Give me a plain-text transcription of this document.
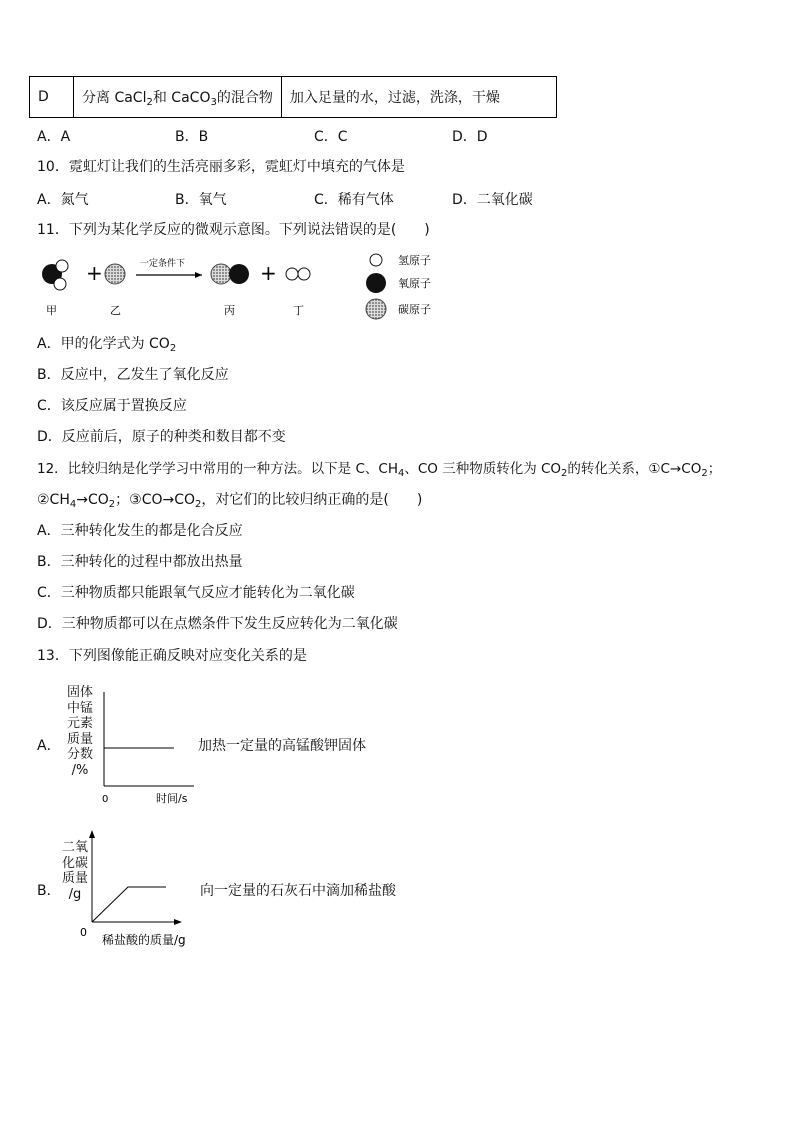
D	分离 CaCl$_2$和 CaCO$_3$的混合物	加入足量的水，过滤，洗涤，干燥
A．A	B．B	C．C	D．D
10．霓虹灯让我们的生活亮丽多彩，霓虹灯中填充的气体是
A．氮气	B．氧气	C．稀有气体	D．二氧化碳
11．下列为某化学反应的微观示意图。下列说法错误的是(　　)
+	一定条件下	+
甲	乙	丙	丁
氢原子
氧原子
碳原子
A．甲的化学式为 $CO_2$
B．反应中，乙发生了氧化反应
C．该反应属于置换反应
D．反应前后，原子的种类和数目都不变
12．比较归纳是化学学习中常用的一种方法。以下是 C、$CH_4$、CO 三种物质转化为 $CO_2$的转化关系，$①C\to CO_2$；
$②CH_4\to CO_2$；$③CO\to CO_2$，对它们的比较归纳正确的是(　　)
A．三种转化发生的都是化合反应
B．三种转化的过程中都放出热量
C．三种物质都只能跟氧气反应才能转化为二氧化碳
D．三种物质都可以在点燃条件下发生反应转化为二氧化碳
13．下列图像能正确反映对应变化关系的是
A．
固体
中锰
元素
质量
分数
/%
0	时间/s
加热一定量的高锰酸钾固体
B．
二氧
化碳
质量
/g
0
稀盐酸的质量/g
向一定量的石灰石中滴加稀盐酸
